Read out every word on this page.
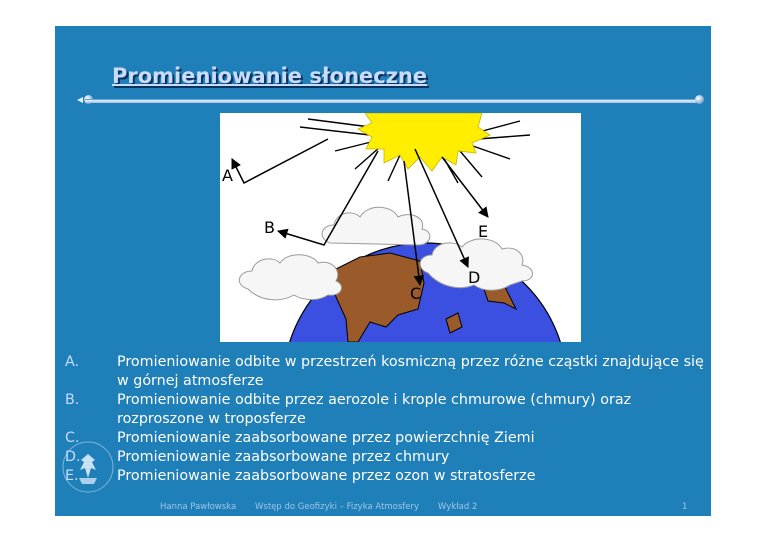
Promieniowanie słoneczne
A
B
C
D
E
A.	Promieniowanie odbite w przestrzeń kosmiczną przez różne cząstki znajdujące się w górnej atmosferze
B.	Promieniowanie odbite przez aerozole i krople chmurowe (chmury) oraz rozproszone w troposferze
C.	Promieniowanie zaabsorbowane przez powierzchnię Ziemi
D.	Promieniowanie zaabsorbowane przez chmury
E.	Promieniowanie zaabsorbowane przez ozon w stratosferze
Hanna Pawłowska Wstęp do Geofizyki – Fizyka Atmosfery Wykład 2	1
